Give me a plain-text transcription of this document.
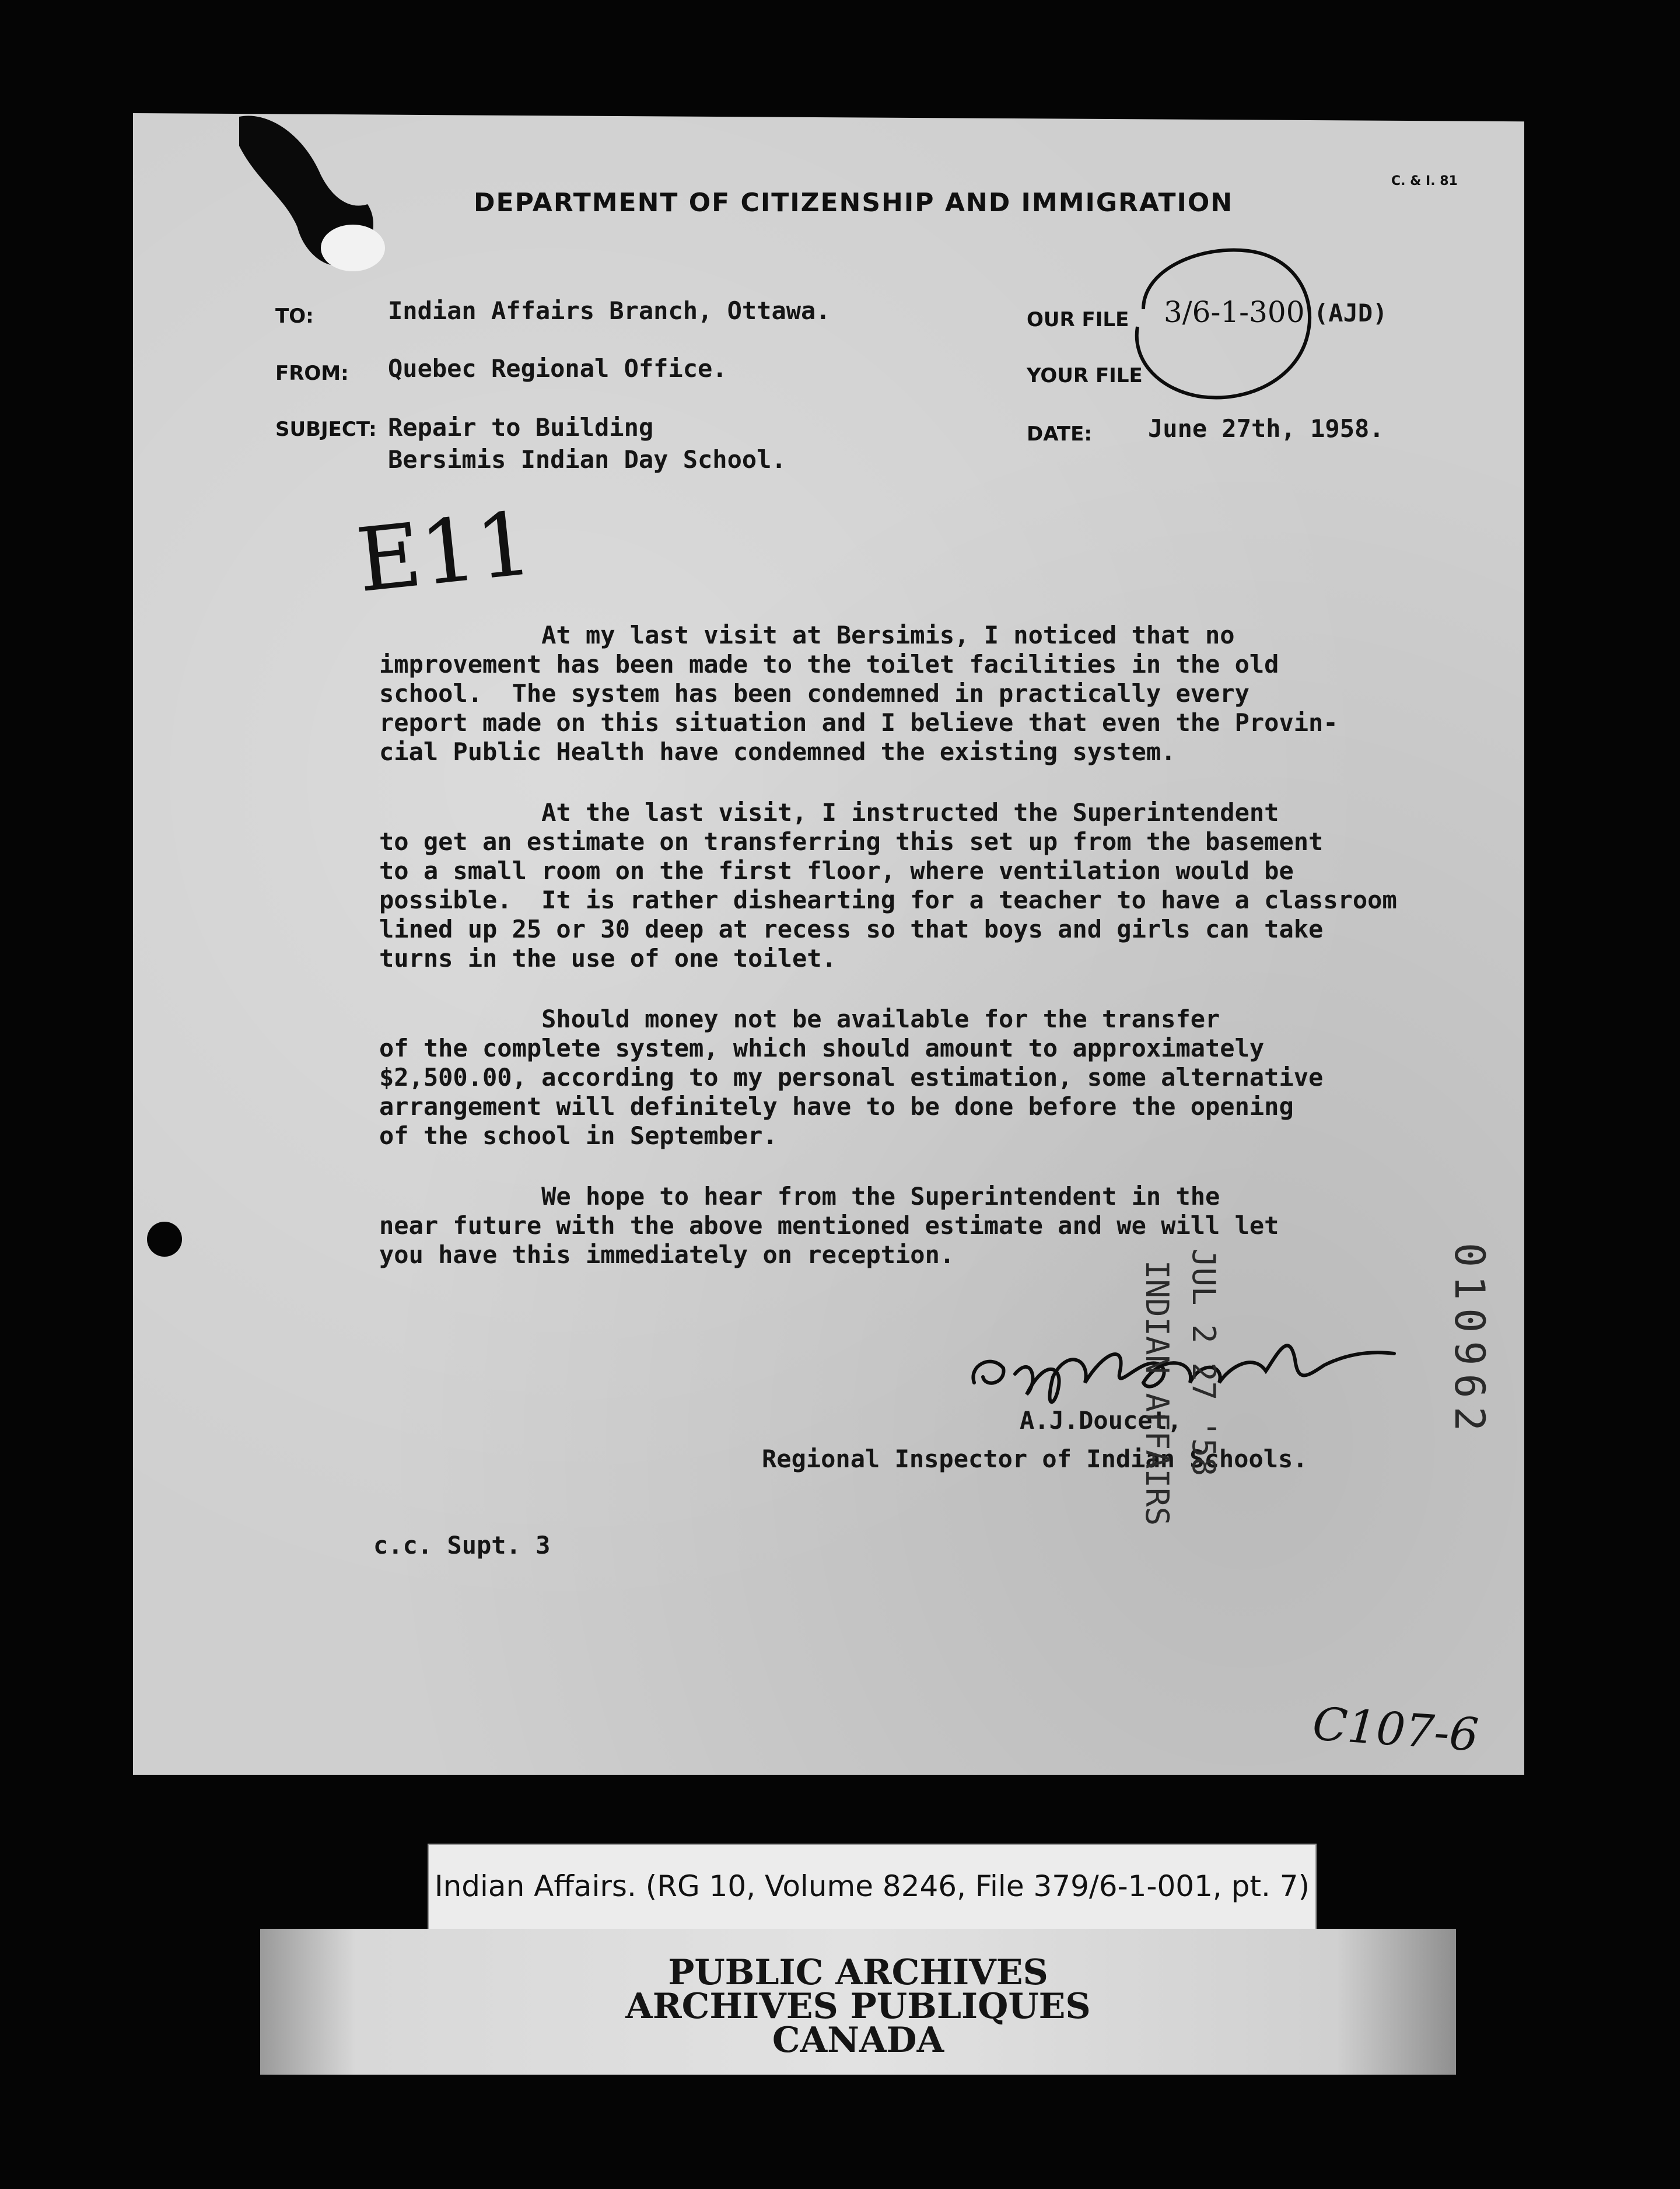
C. & I. 81
DEPARTMENT OF CITIZENSHIP AND IMMIGRATION
TO:	Indian Affairs Branch, Ottawa.
FROM: Quebec Regional Office.
SUBJECT: Repair to Building
Bersimis Indian Day School.
OUR FILE 3/6-1-300 (AJD)
YOUR FILE
DATE: June 27th, 1958.
E11
At my last visit at Bersimis, I noticed that no
improvement has been made to the toilet facilities in the old
school.  The system has been condemned in practically every
report made on this situation and I believe that even the Provin-
cial Public Health have condemned the existing system.
At the last visit, I instructed the Superintendent
to get an estimate on transferring this set up from the basement
to a small room on the first floor, where ventilation would be
possible.  It is rather dishearting for a teacher to have a classroom
lined up 25 or 30 deep at recess so that boys and girls can take
turns in the use of one toilet.
Should money not be available for the transfer
of the complete system, which should amount to approximately
$2,500.00, according to my personal estimation, some alternative
arrangement will definitely have to be done before the opening
of the school in September.
We hope to hear from the Superintendent in the
near future with the above mentioned estimate and we will let
you have this immediately on reception.
A.J.Doucet,
Regional Inspector of Indian Schools.
c.c. Supt. 3
JUL 2 27 '58
INDIAN AFFAIRS	010962
C107-6
Indian Affairs. (RG 10, Volume 8246, File 379/6-1-001, pt. 7)
PUBLIC ARCHIVES
ARCHIVES PUBLIQUES
CANADA
